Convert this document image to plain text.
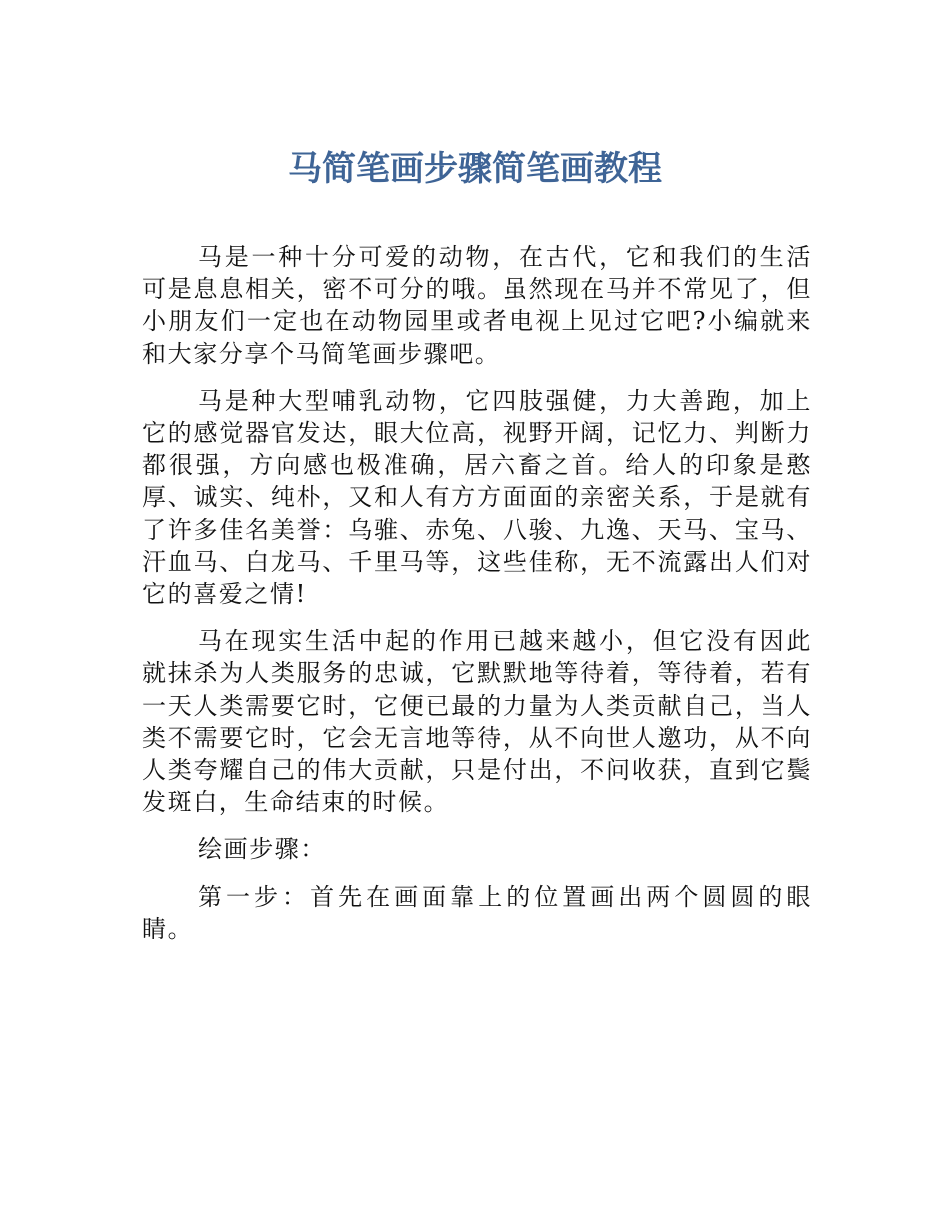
马简笔画步骤简笔画教程

马是一种十分可爱的动物，在古代，它和我们的生活可是息息相关，密不可分的哦。虽然现在马并不常见了，但小朋友们一定也在动物园里或者电视上见过它吧?小编就来和大家分享个马简笔画步骤吧。

马是种大型哺乳动物，它四肢强健，力大善跑，加上它的感觉器官发达，眼大位高，视野开阔，记忆力、判断力都很强，方向感也极准确，居六畜之首。给人的印象是憨厚、诚实、纯朴，又和人有方方面面的亲密关系，于是就有了许多佳名美誉：乌骓、赤兔、八骏、九逸、天马、宝马、汗血马、白龙马、千里马等，这些佳称，无不流露出人们对它的喜爱之情!

马在现实生活中起的作用已越来越小，但它没有因此就抹杀为人类服务的忠诚，它默默地等待着，等待着，若有一天人类需要它时，它便已最的力量为人类贡献自己，当人类不需要它时，它会无言地等待，从不向世人邀功，从不向人类夸耀自己的伟大贡献，只是付出，不问收获，直到它鬓发斑白，生命结束的时候。

绘画步骤：

第一步：首先在画面靠上的位置画出两个圆圆的眼睛。
